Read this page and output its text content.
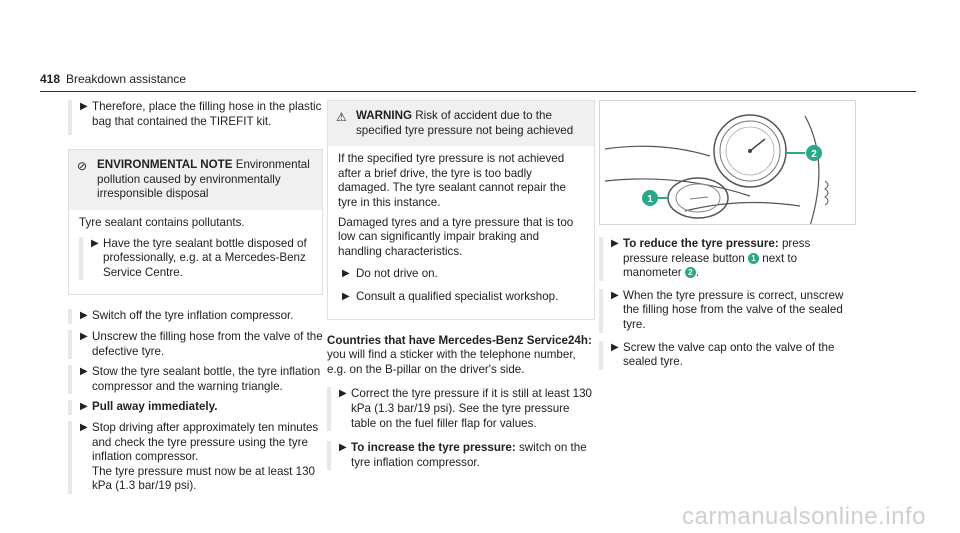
418 Breakdown assistance
▶ Therefore, place the filling hose in the plastic bag that contained the TIREFIT kit.
⊘ ENVIRONMENTAL NOTE Environmental pollution caused by environmentally irresponsible disposal

Tyre sealant contains pollutants.

▶ Have the tyre sealant bottle disposed of professionally, e.g. at a Mercedes-Benz Service Centre.
▶ Switch off the tyre inflation compressor.
▶ Unscrew the filling hose from the valve of the defective tyre.
▶ Stow the tyre sealant bottle, the tyre inflation compressor and the warning triangle.
▶ Pull away immediately.
▶ Stop driving after approximately ten minutes and check the tyre pressure using the tyre inflation compressor.
The tyre pressure must now be at least 130 kPa (1.3 bar/19 psi).
⚠ WARNING Risk of accident due to the specified tyre pressure not being achieved

If the specified tyre pressure is not achieved after a brief drive, the tyre is too badly damaged. The tyre sealant cannot repair the tyre in this instance.

Damaged tyres and a tyre pressure that is too low can significantly impair braking and handling characteristics.

▶ Do not drive on.
▶ Consult a qualified specialist workshop.

Countries that have Mercedes-Benz Service24h: you will find a sticker with the telephone number, e.g. on the B-pillar on the driver's side.

▶ Correct the tyre pressure if it is still at least 130 kPa (1.3 bar/19 psi). See the tyre pressure table on the fuel filler flap for values.
▶ To increase the tyre pressure: switch on the tyre inflation compressor.
2
1
▶ To reduce the tyre pressure: press pressure release button 1 next to manometer 2 .
▶ When the tyre pressure is correct, unscrew the filling hose from the valve of the sealed tyre.
▶ Screw the valve cap onto the valve of the sealed tyre.
carmanualsonline.info
